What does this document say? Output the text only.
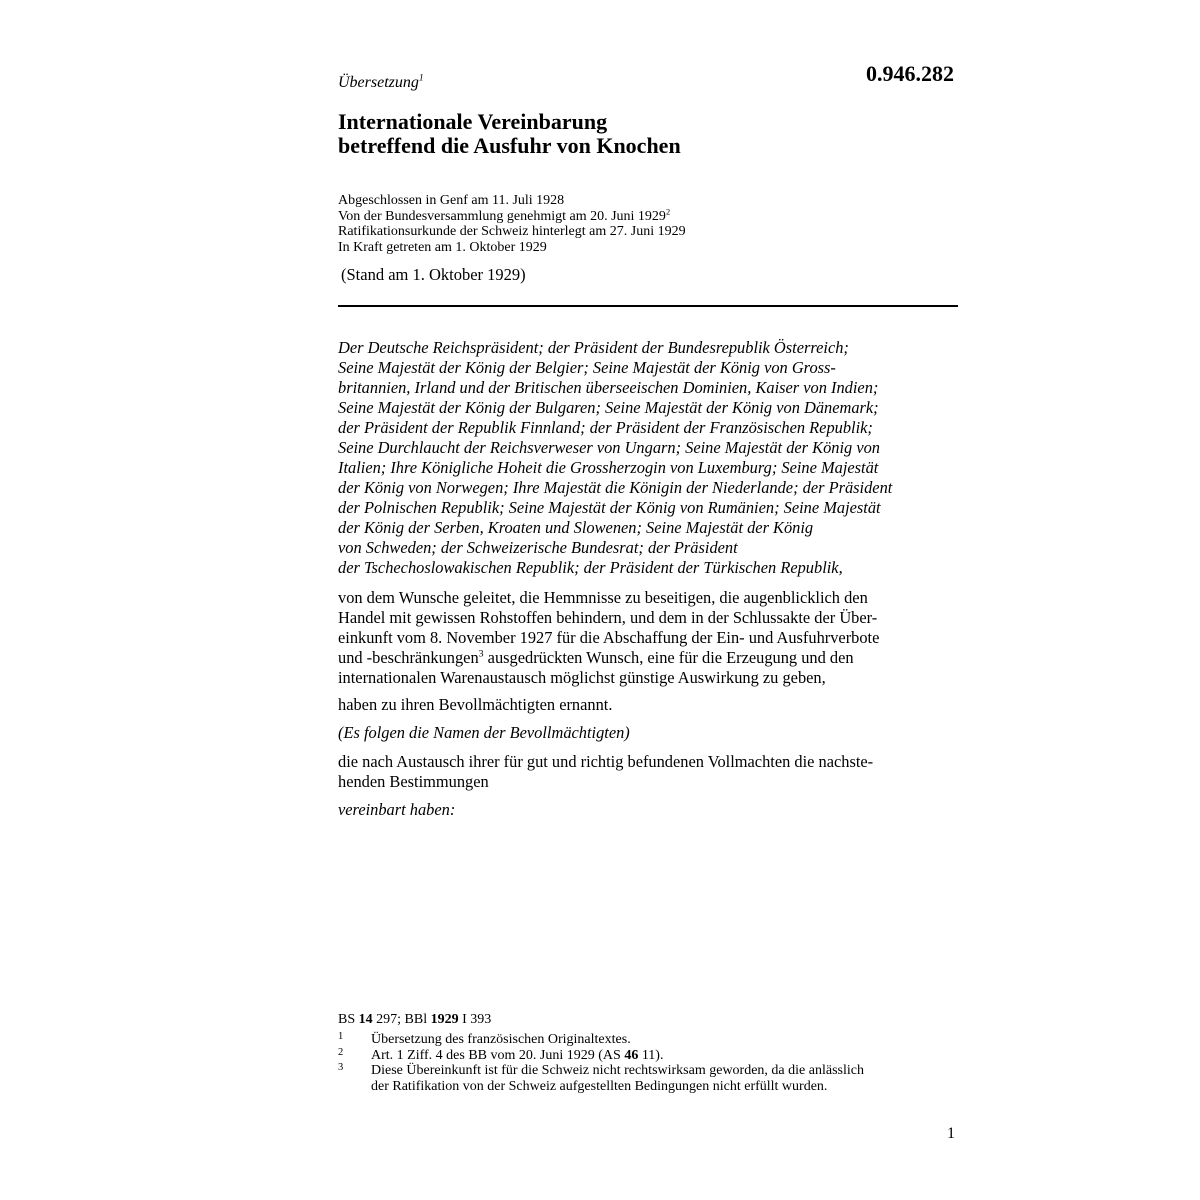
Übersetzung$^1$	0.946.282
Internationale Vereinbarung
betreffend die Ausfuhr von Knochen
Abgeschlossen in Genf am 11. Juli 1928
Von der Bundesversammlung genehmigt am 20. Juni 1929$^2$
Ratifikationsurkunde der Schweiz hinterlegt am 27. Juni 1929
In Kraft getreten am 1. Oktober 1929
(Stand am 1. Oktober 1929)
Der Deutsche Reichspräsident; der Präsident der Bundesrepublik Österreich;
Seine Majestät der König der Belgier; Seine Majestät der König von Gross-
britannien, Irland und der Britischen überseeischen Dominien, Kaiser von Indien;
Seine Majestät der König der Bulgaren; Seine Majestät der König von Dänemark;
der Präsident der Republik Finnland; der Präsident der Französischen Republik;
Seine Durchlaucht der Reichsverweser von Ungarn; Seine Majestät der König von
Italien; Ihre Königliche Hoheit die Grossherzogin von Luxemburg; Seine Majestät
der König von Norwegen; Ihre Majestät die Königin der Niederlande; der Präsident
der Polnischen Republik; Seine Majestät der König von Rumänien; Seine Majestät
der König der Serben, Kroaten und Slowenen; Seine Majestät der König
von Schweden; der Schweizerische Bundesrat; der Präsident
der Tschechoslowakischen Republik; der Präsident der Türkischen Republik,
von dem Wunsche geleitet, die Hemmnisse zu beseitigen, die augenblicklich den
Handel mit gewissen Rohstoffen behindern, und dem in der Schlussakte der Über-
einkunft vom 8. November 1927 für die Abschaffung der Ein- und Ausfuhrverbote
und -beschränkungen$^3$ ausgedrückten Wunsch, eine für die Erzeugung und den
internationalen Warenaustausch möglichst günstige Auswirkung zu geben,
haben zu ihren Bevollmächtigten ernannt.
(Es folgen die Namen der Bevollmächtigten)
die nach Austausch ihrer für gut und richtig befundenen Vollmachten die nachste-
henden Bestimmungen
vereinbart haben:
BS 14 297; BBl 1929 I 393
1 Übersetzung des französischen Originaltextes.
2 Art. 1 Ziff. 4 des BB vom 20. Juni 1929 (AS 46 11).
3 Diese Übereinkunft ist für die Schweiz nicht rechtswirksam geworden, da die anlässlich
der Ratifikation von der Schweiz aufgestellten Bedingungen nicht erfüllt wurden.
1
